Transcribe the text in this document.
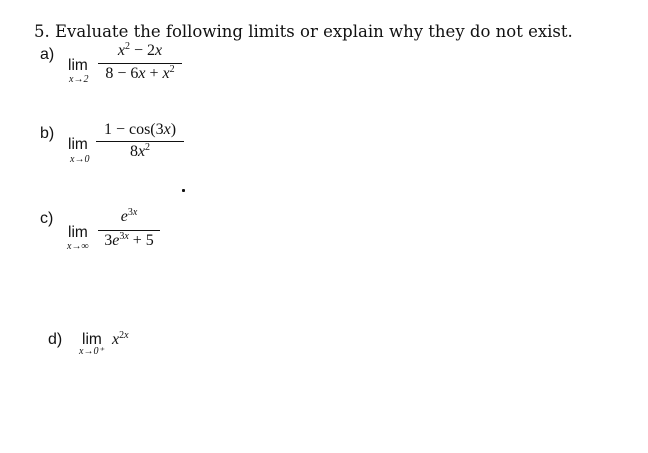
5. Evaluate the following limits or explain why they do not exist.
a)
lim
x→2
$x^2 - 2x$
$8 - 6x + x^2$
b)
lim
x→0
1 − cos(3x)
$8x^2$
c)
lim
x→∞
$e^{3x}$
$3e^{3x} + 5$
d) lim
x→0⁺
$x^{2x}$
